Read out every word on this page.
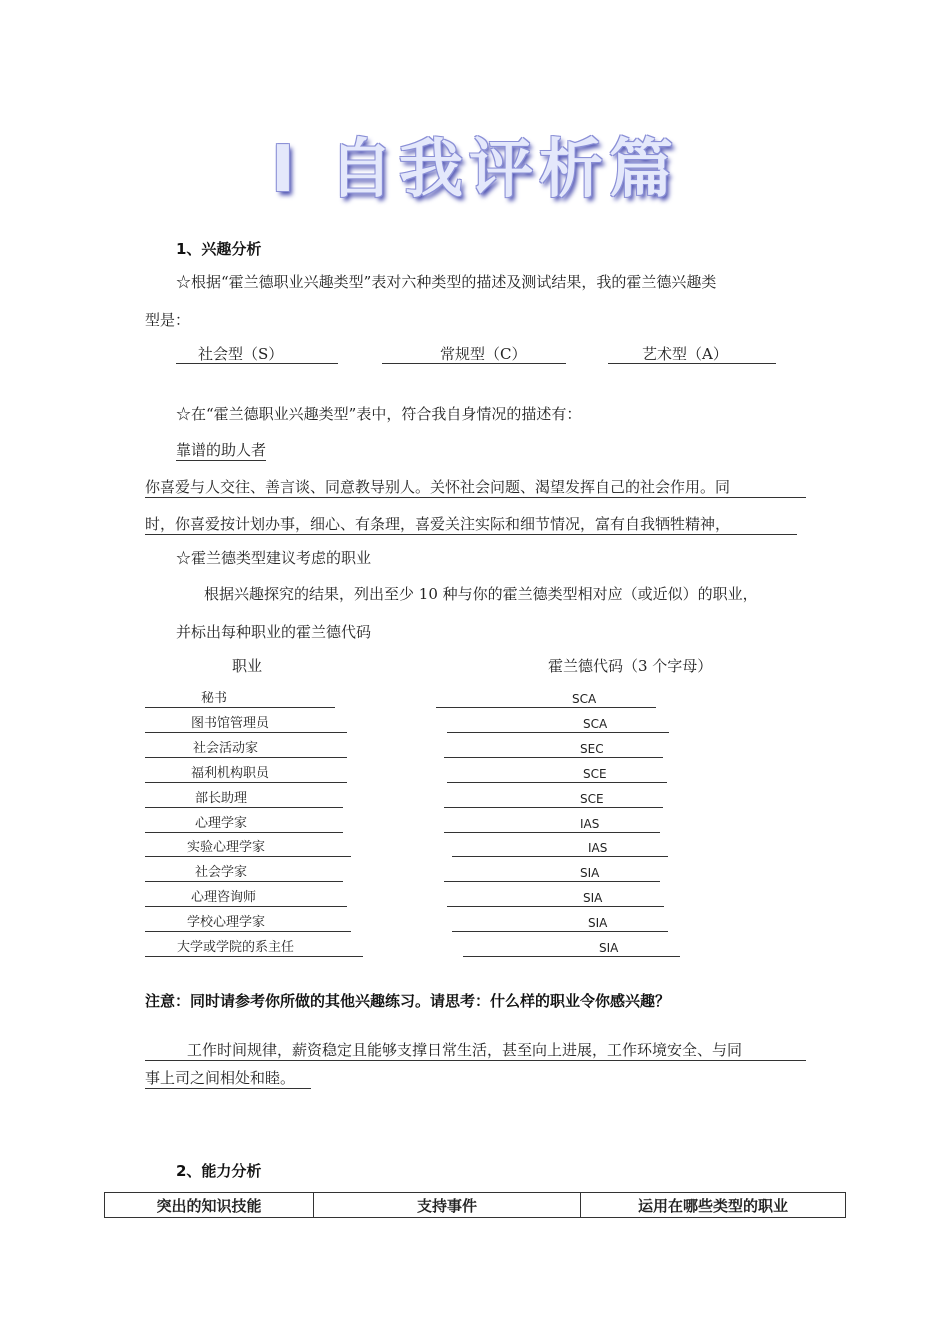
Ⅰ 自我评析篇
1、兴趣分析
☆根据“霍兰德职业兴趣类型”表对六种类型的描述及测试结果，我的霍兰德兴趣类
型是：
社会型（S）	常规型（C）	艺术型（A）
☆在“霍兰德职业兴趣类型”表中，符合我自身情况的描述有：
靠谱的助人者
你喜爱与人交往、善言谈、同意教导别人。关怀社会问题、渴望发挥自己的社会作用。同
时，你喜爱按计划办事，细心、有条理，喜爱关注实际和细节情况，富有自我牺牲精神，
☆霍兰德类型建议考虑的职业
根据兴趣探究的结果，列出至少 10 种与你的霍兰德类型相对应（或近似）的职业，
并标出每种职业的霍兰德代码
职业	霍兰德代码（3 个字母）
秘书	SCA
图书馆管理员	SCA
社会活动家	SEC
福利机构职员	SCE
部长助理	SCE
心理学家	IAS
实验心理学家	IAS
社会学家	SIA
心理咨询师	SIA
学校心理学家	SIA
大学或学院的系主任	SIA
注意：同时请参考你所做的其他兴趣练习。请思考：什么样的职业令你感兴趣？
工作时间规律，薪资稳定且能够支撑日常生活，甚至向上进展，工作环境安全、与同
事上司之间相处和睦。
2、能力分析
突出的知识技能	支持事件	运用在哪些类型的职业
